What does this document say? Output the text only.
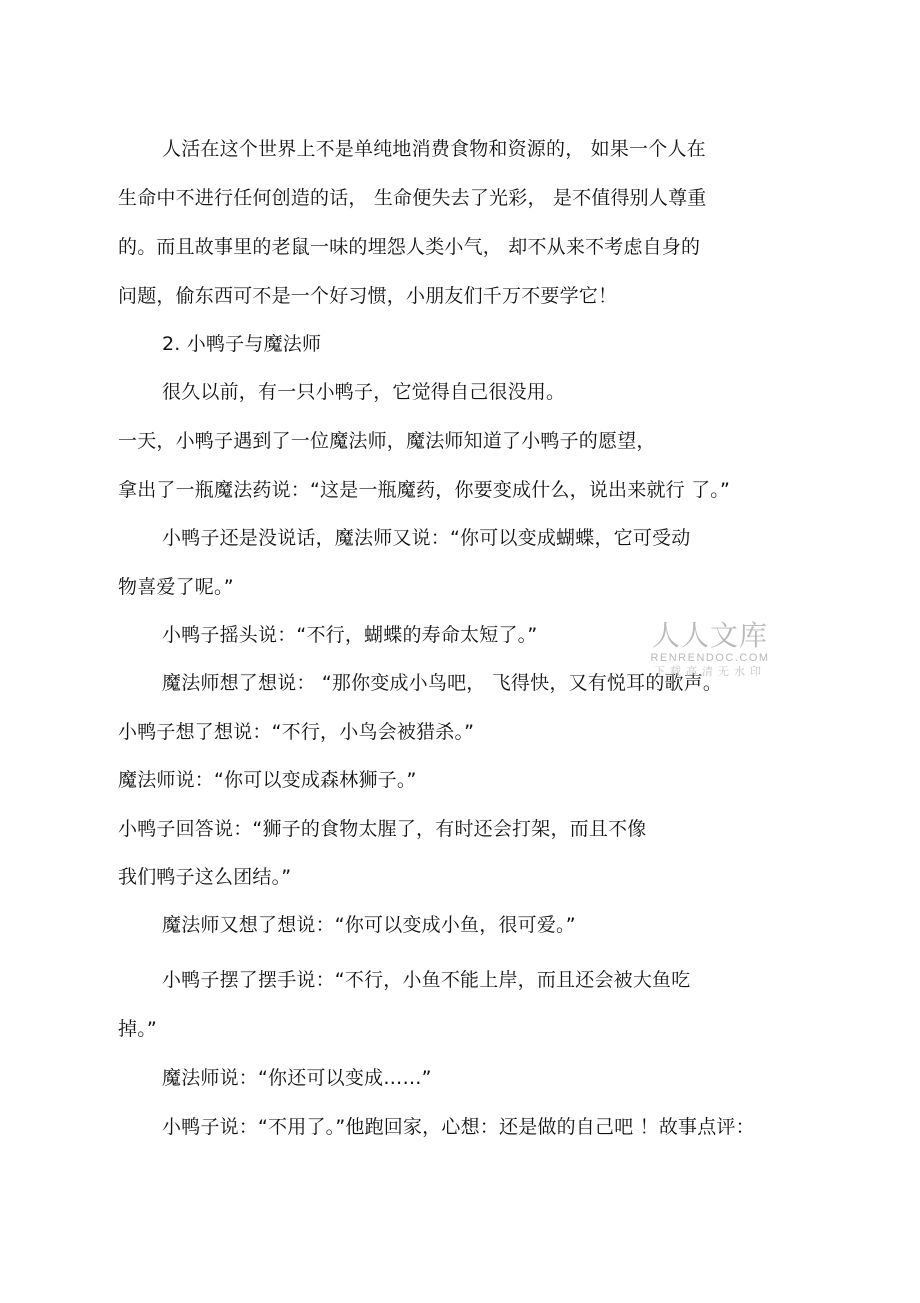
人活在这个世界上不是单纯地消费食物和资源的， 如果一个人在
生命中不进行任何创造的话， 生命便失去了光彩， 是不值得别人尊重
的。而且故事里的老鼠一味的埋怨人类小气， 却不从来不考虑自身的
问题，偷东西可不是一个好习惯，小朋友们千万不要学它！
2. 小鸭子与魔法师
很久以前，有一只小鸭子，它觉得自己很没用。
一天，小鸭子遇到了一位魔法师，魔法师知道了小鸭子的愿望，
拿出了一瓶魔法药说：“这是一瓶魔药，你要变成什么，说出来就行 了。”
小鸭子还是没说话，魔法师又说：“你可以变成蝴蝶，它可受动
物喜爱了呢。”
小鸭子摇头说：“不行，蝴蝶的寿命太短了。”
魔法师想了想说： “那你变成小鸟吧， 飞得快，又有悦耳的歌声。
小鸭子想了想说：“不行，小鸟会被猎杀。”
魔法师说：“你可以变成森林狮子。”
小鸭子回答说：“狮子的食物太腥了，有时还会打架，而且不像
我们鸭子这么团结。”
魔法师又想了想说：“你可以变成小鱼，很可爱。”
小鸭子摆了摆手说：“不行，小鱼不能上岸，而且还会被大鱼吃
掉。”
魔法师说：“你还可以变成……”
小鸭子说：“不用了。”他跑回家，心想：还是做的自己吧 ！故事点评：
人人文库
RENRENDOC.COM
下载高清无水印
